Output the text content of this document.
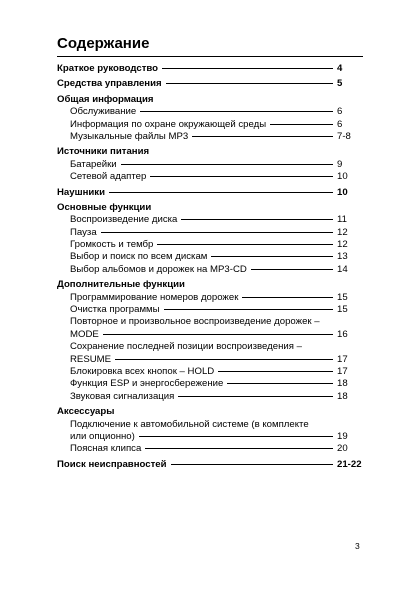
Содержание
Краткое руководство	4
Средства управления	5
Общая информация
Обслуживание	6
Информация по охране окружающей среды	6
Музыкальные файлы MP3	7-8
Источники питания
Батарейки	9
Сетевой адаптер	10
Наушники	10
Основные функции
Воспроизведение диска	11
Пауза	12
Громкость и тембр	12
Выбор и поиск по всем дискам	13
Выбор альбомов и дорожек на MP3-CD	14
Дополнительные функции
Программирование номеров дорожек	15
Очистка программы	15
Повторное и произвольное воспроизведение дорожек –
MODE	16
Сохранение последней позиции воспроизведения –
RESUME	17
Блокировка всех кнопок – HOLD	17
Функция ESP и энергосбережение	18
Звуковая сигнализация	18
Аксессуары
Подключение к автомобильной системе (в комплекте
или опционно)	19
Поясная клипса	20
Поиск неисправностей	21-22
3
